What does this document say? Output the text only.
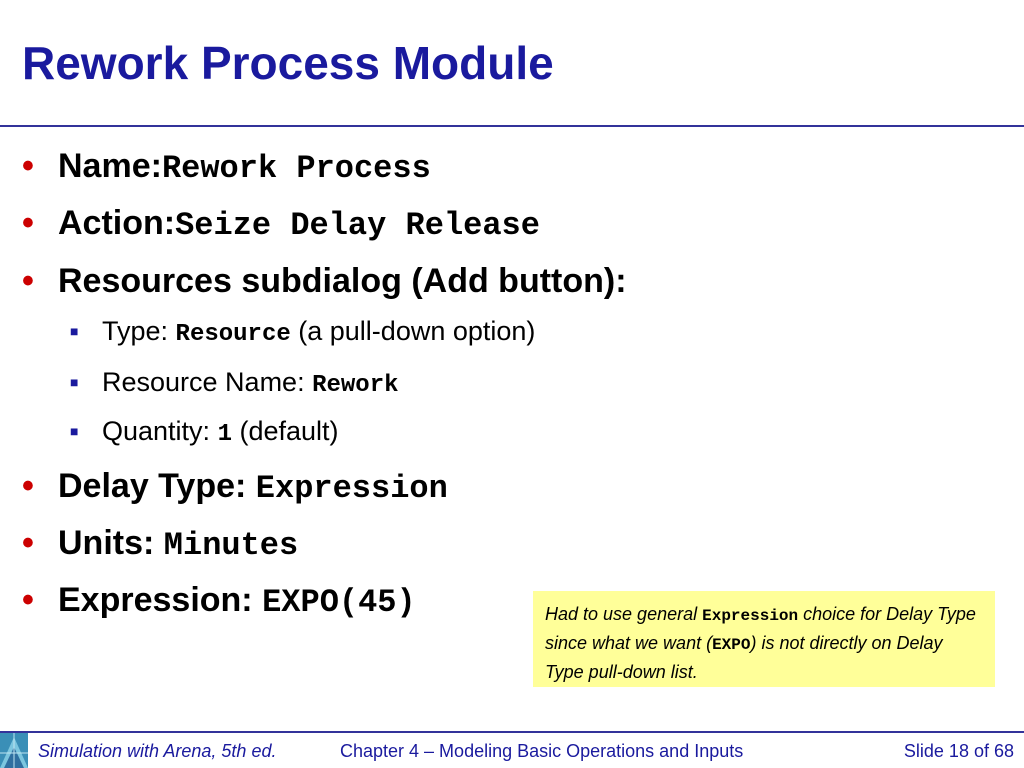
Rework Process Module
• Name: Rework Process
• Action: Seize Delay Release
• Resources subdialog (Add button):
■ Type: Resource (a pull-down option)
■ Resource Name: Rework
■ Quantity: 1 (default)
• Delay Type: Expression
• Units: Minutes
• Expression: EXPO(45)	Had to use general Expression choice for Delay Type since what we want (EXPO) is not directly on Delay Type pull-down list.
Simulation with Arena, 5th ed.	Chapter 4 – Modeling Basic Operations and Inputs	Slide 18 of 68
